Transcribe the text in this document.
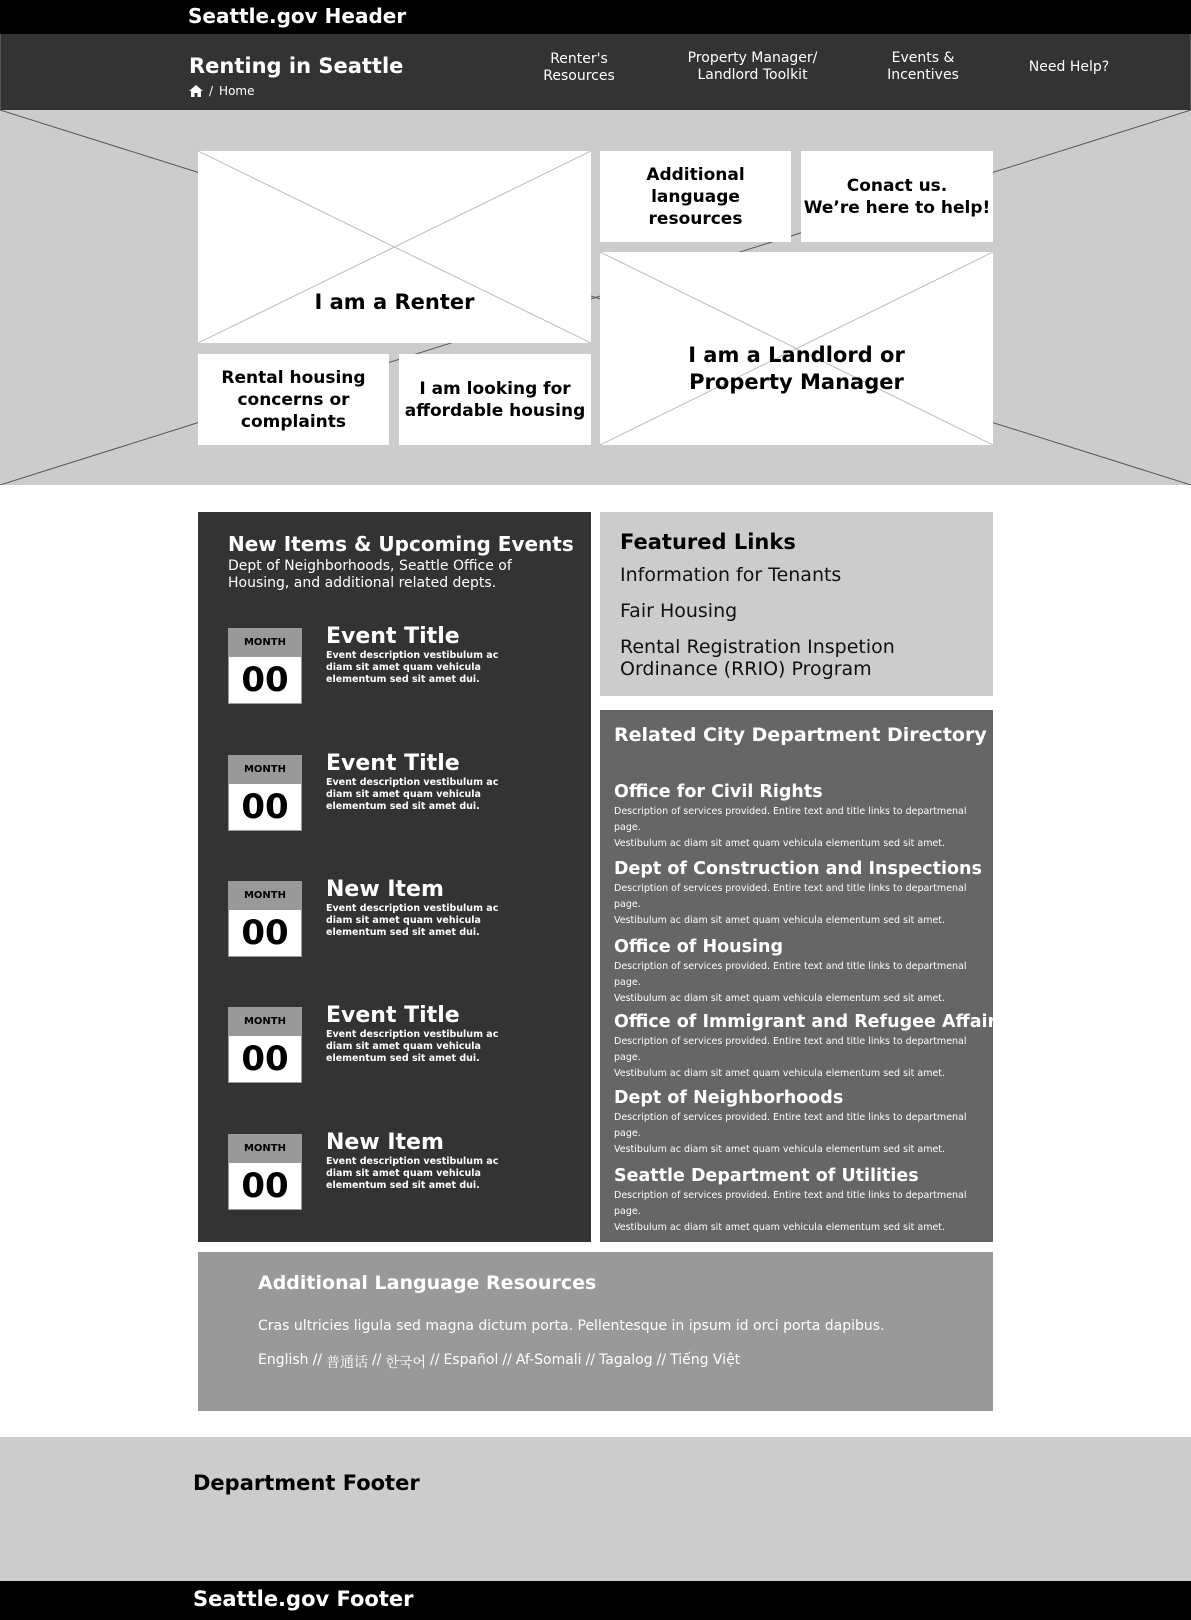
Seattle.gov Header
Renting in Seattle
/ Home
Renter's
Resources
Property Manager/
Landlord Toolkit
Events &
Incentives	Need Help?
I am a Renter
Additional language
resources
Conact us.
We’re here to help!
I am a Landlord or
Property Manager
Rental housing
concerns or
complaints
I am looking for
affordable housing
New Items & Upcoming Events
Dept of Neighborhoods, Seattle Office of Housing, and additional related depts.
MONTH
00
Event Title
Event description vestibulum ac diam sit amet quam vehicula elementum sed sit amet dui.
MONTH
00
Event Title
Event description vestibulum ac diam sit amet quam vehicula elementum sed sit amet dui.
MONTH
00
New Item
Event description vestibulum ac diam sit amet quam vehicula elementum sed sit amet dui.
MONTH
00
Event Title
Event description vestibulum ac diam sit amet quam vehicula elementum sed sit amet dui.
MONTH
00
New Item
Event description vestibulum ac diam sit amet quam vehicula elementum sed sit amet dui.
Featured Links
Information for Tenants
Fair Housing
Rental Registration Inspetion
Ordinance (RRIO) Program
Related City Department Directory
Office for Civil Rights
Description of services provided. Entire text and title links to departmenal page.
Vestibulum ac diam sit amet quam vehicula elementum sed sit amet.
Dept of Construction and Inspections
Description of services provided. Entire text and title links to departmenal page.
Vestibulum ac diam sit amet quam vehicula elementum sed sit amet.
Office of Housing
Description of services provided. Entire text and title links to departmenal page.
Vestibulum ac diam sit amet quam vehicula elementum sed sit amet.
Office of Immigrant and Refugee Affairs
Description of services provided. Entire text and title links to departmenal page.
Vestibulum ac diam sit amet quam vehicula elementum sed sit amet.
Dept of Neighborhoods
Description of services provided. Entire text and title links to departmenal page.
Vestibulum ac diam sit amet quam vehicula elementum sed sit amet.
Seattle Department of Utilities
Description of services provided. Entire text and title links to departmenal page.
Vestibulum ac diam sit amet quam vehicula elementum sed sit amet.
Additional Language Resources
Cras ultricies ligula sed magna dictum porta. Pellentesque in ipsum id orci porta dapibus.
English // 普通话 // 한국어 // Español // Af-Somali // Tagalog // Tiếng Việt
Department Footer
Seattle.gov Footer
